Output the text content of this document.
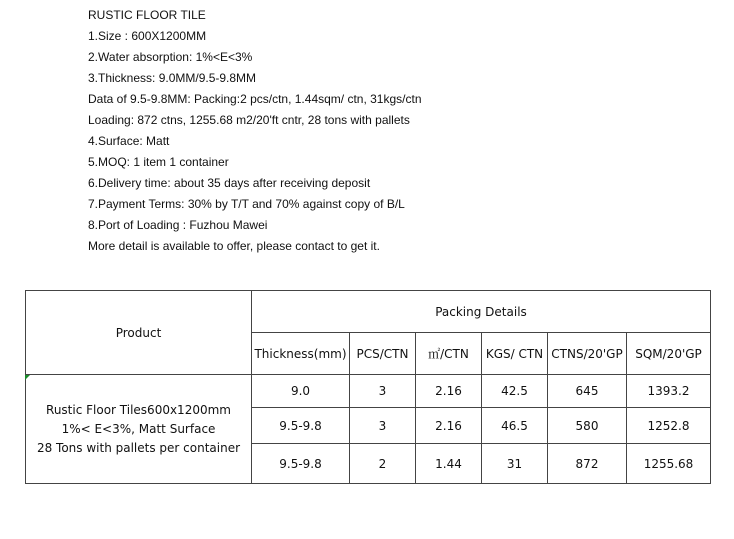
RUSTIC FLOOR TILE
1.Size : 600X1200MM
2.Water absorption: 1%<E<3%
3.Thickness: 9.0MM/9.5-9.8MM
Data of 9.5-9.8MM: Packing:2 pcs/ctn, 1.44sqm/ ctn, 31kgs/ctn
Loading: 872 ctns, 1255.68 m2/20'ft cntr, 28 tons with pallets
4.Surface: Matt
5.MOQ: 1 item 1 container
6.Delivery time: about 35 days after receiving deposit
7.Payment Terms: 30% by T/T and 70% against copy of B/L
8.Port of Loading : Fuzhou Mawei
More detail is available to offer, please contact to get it.
Product	Packing Details					
	Thickness(mm)	PCS/CTN	㎡/CTN	KGS/ CTN	CTNS/20'GP	SQM/20'GP

Rustic Floor Tiles600x1200mm
1%< E<3%, Matt Surface
28 Tons with pallets per container	9.0	3	2.16	42.5	645	1393.2
	9.5-9.8	3	2.16	46.5	580	1252.8
	9.5-9.8	2	1.44	31	872	1255.68
